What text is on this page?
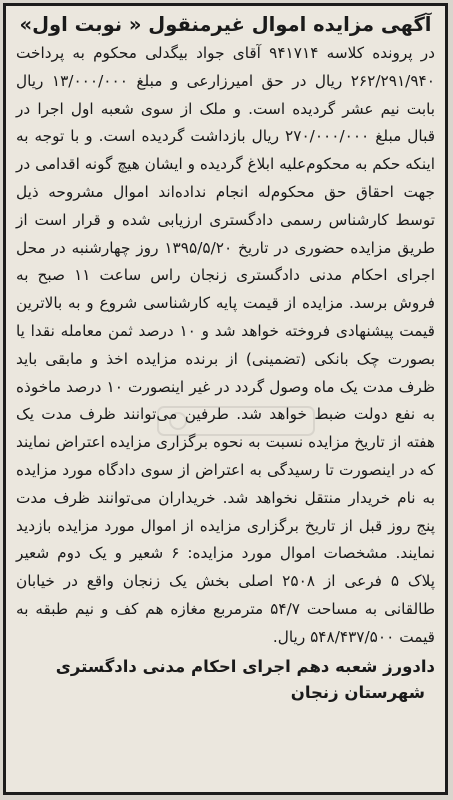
آگهی مزایده اموال غیرمنقول « نوبت اول»

در پرونده کلاسه ۹۴۱۷۱۴ آقای جواد بیگدلی محکوم به پرداخت ۲۶۲/۲۹۱/۹۴۰ ریال در حق امیرزارعی و مبلغ ۱۳/۰۰۰/۰۰۰ ریال بابت نیم عشر گردیده است. و ملک از سوی شعبه اول اجرا در قبال مبلغ ۲۷۰/۰۰۰/۰۰۰ ریال بازداشت گردیده است. و با توجه به اینکه حکم به محکوم‌علیه ابلاغ گردیده و ایشان هیچ گونه اقدامی در جهت احقاق حق محکوم‌له انجام نداده‌اند اموال مشروحه ذیل توسط کارشناس رسمی دادگستری ارزیابی شده و قرار است از طریق مزایده حضوری در تاریخ ۱۳۹۵/۵/۲۰ روز چهارشنبه در محل اجرای احکام مدنی دادگستری زنجان راس ساعت ۱۱ صبح به فروش برسد. مزایده از قیمت پایه کارشناسی شروع و به بالاترین قیمت پیشنهادی فروخته خواهد شد و ۱۰ درصد ثمن معامله نقدا یا بصورت چک بانکی (تضمینی) از برنده مزایده اخذ و مابقی باید ظرف مدت یک ماه وصول گردد در غیر اینصورت ۱۰ درصد ماخوذه به نفع دولت ضبط خواهد شد. طرفین می‌توانند ظرف مدت یک هفته از تاریخ مزایده نسبت به نحوه برگزاری مزایده اعتراض نمایند که در اینصورت تا رسیدگی به اعتراض از سوی دادگاه مورد مزایده به نام خریدار منتقل نخواهد شد. خریداران می‌توانند ظرف مدت پنج روز قبل از تاریخ برگزاری مزایده از اموال مورد مزایده بازدید نمایند. مشخصات اموال مورد مزایده: ۶ شعیر و یک دوم شعیر پلاک ۵ فرعی از ۲۵۰۸ اصلی بخش یک زنجان واقع در خیابان طالقانی به مساحت ۵۴/۷ مترمربع مغازه هم کف و نیم طبقه به قیمت ۵۴۸/۴۳۷/۵۰۰ ریال.

دادورز شعبه دهم اجرای احکام مدنی دادگستری
شهرستان زنجان
